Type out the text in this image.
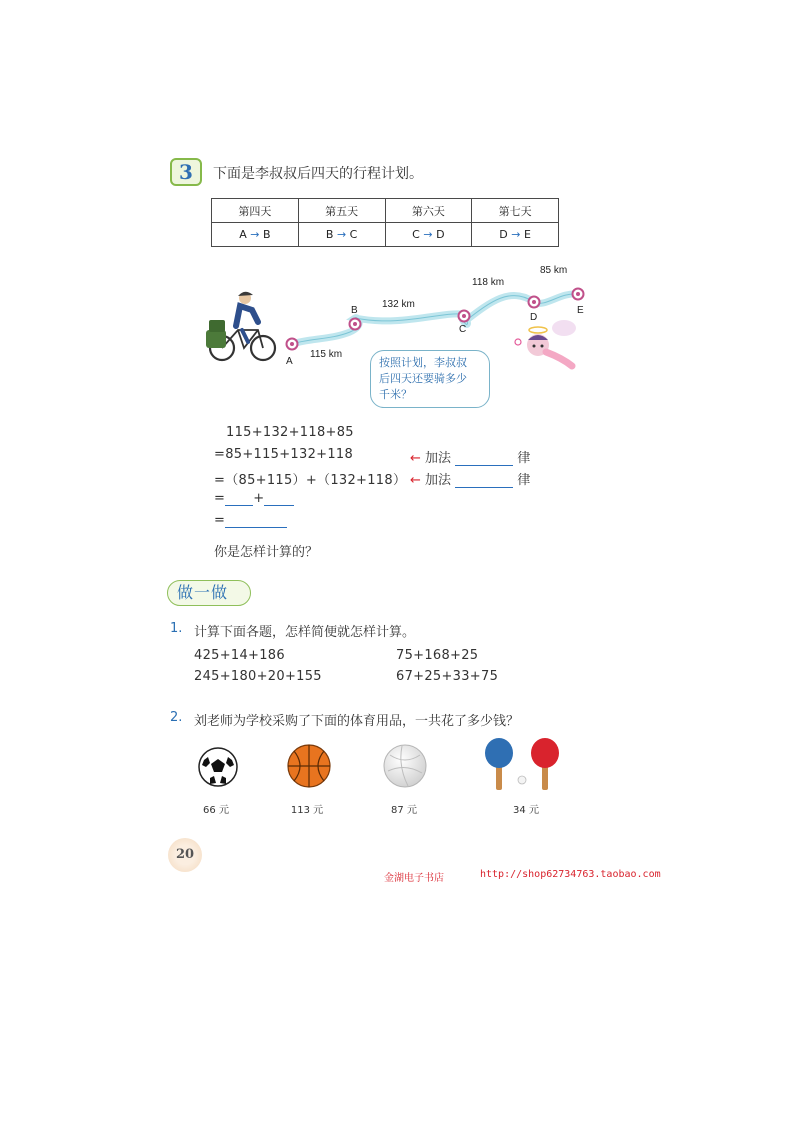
3	下面是李叔叔后四天的行程计划。
第四天	第五天	第六天	第七天
A → B	B → C	C → D	D → E
A
B
C
D
E
115 km
132 km
118 km
85 km
按照计划，李叔叔
后四天还要骑多少
千米？
115+132+118+85
=85+115+132+118
=（85+115）+（132+118）
= +
=
← 加法	律
← 加法	律
你是怎样计算的？
做一做
1. 计算下面各题，怎样简便就怎样计算。
425+14+186	75+168+25
245+180+20+155	67+25+33+75
2. 刘老师为学校采购了下面的体育用品，一共花了多少钱？
66 元	113 元	87 元	34 元
20
金湖电子书店	http://shop62734763.taobao.com
